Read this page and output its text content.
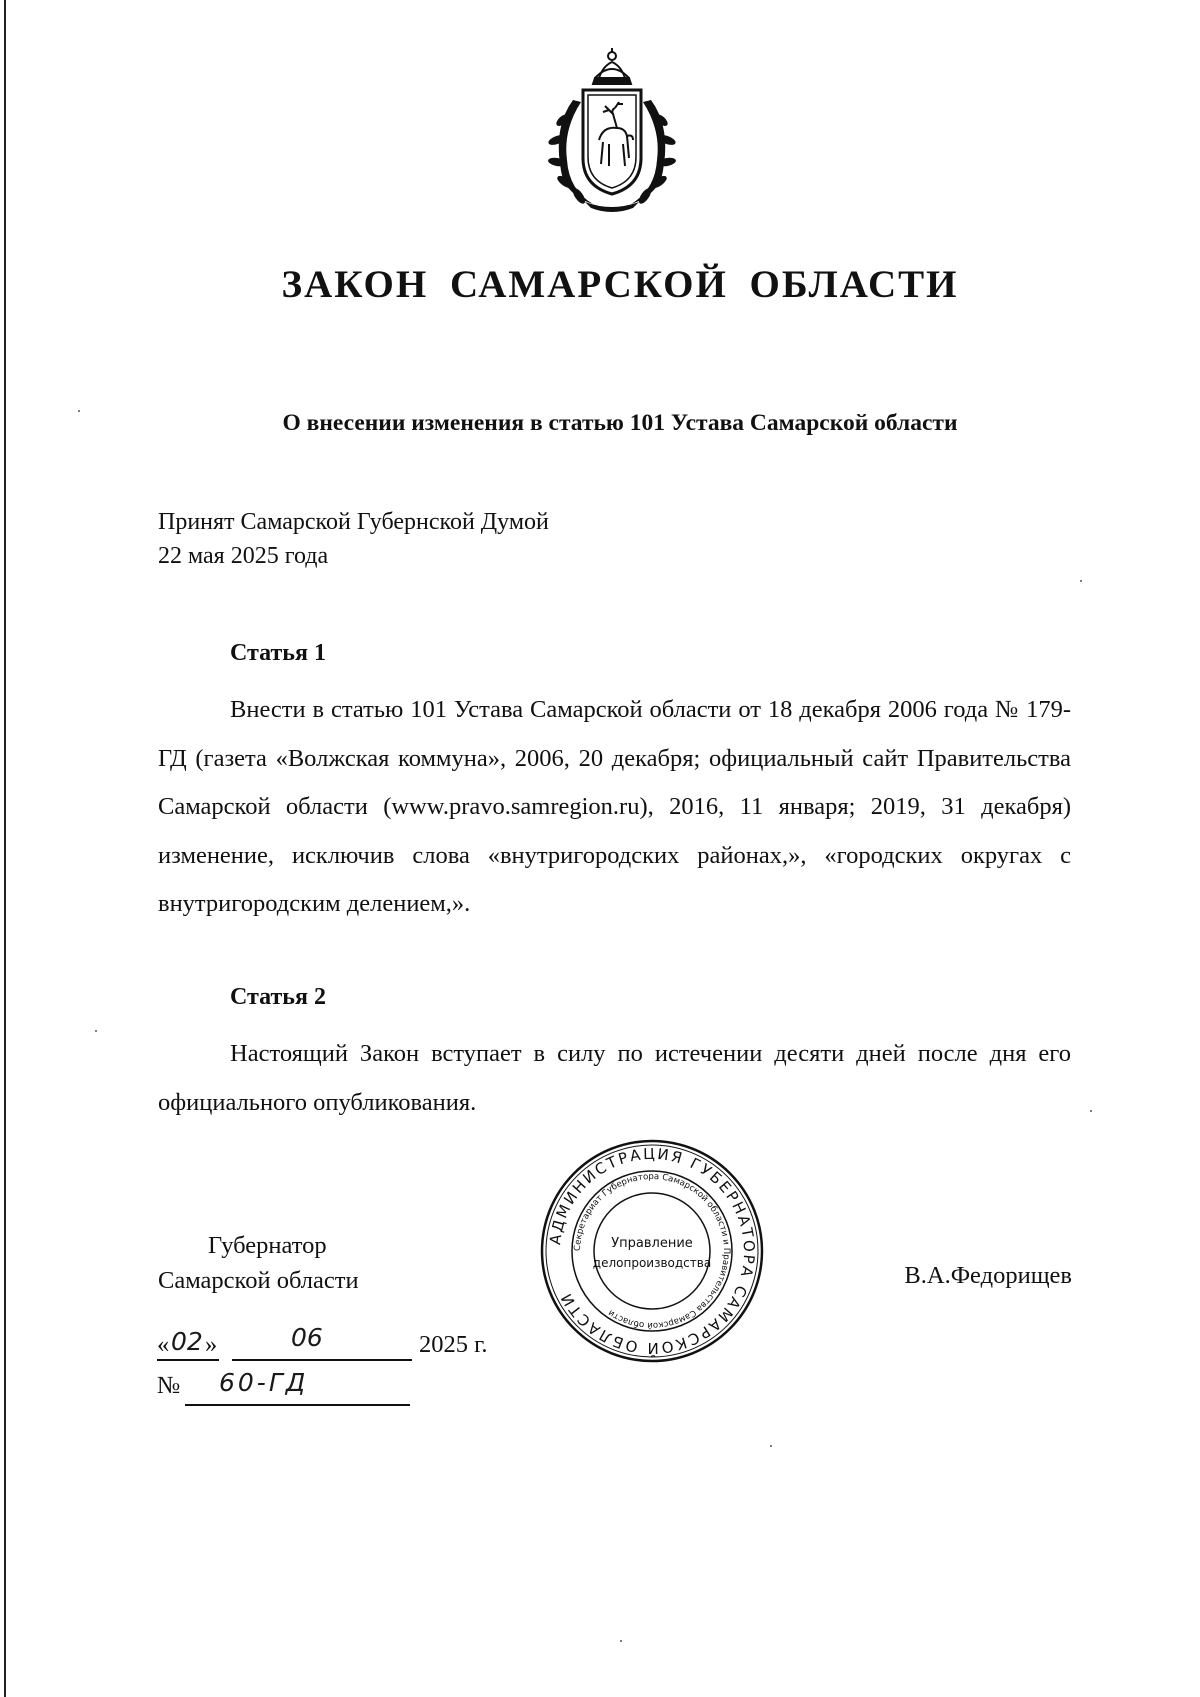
ЗАКОН САМАРСКОЙ ОБЛАСТИ
О внесении изменения в статью 101 Устава Самарской области
Принят Самарской Губернской Думой
22 мая 2025 года
Статья 1
Внести в статью 101 Устава Самарской области от 18 декабря 2006 года № 179-ГД (газета «Волжская коммуна», 2006, 20 декабря; официальный сайт Правительства Самарской области (www.pravo.samregion.ru), 2016, 11 января; 2019, 31 декабря) изменение, исключив слова «внутригородских районах,», «городских округах с внутригородским делением,».
Статья 2
Настоящий Закон вступает в силу по истечении десяти дней после дня его официального опубликования.
Губернатор
Самарской области
АДМИНИСТРАЦИЯ ГУБЕРНАТОРА САМАРСКОЙ ОБЛАСТИ
Секретариат Губернатора Самарской области и Правительства Самарской области
Управление
делопроизводства	В.А.Федорищев
« 02 »	06	2025 г.
№ 60-ГД
